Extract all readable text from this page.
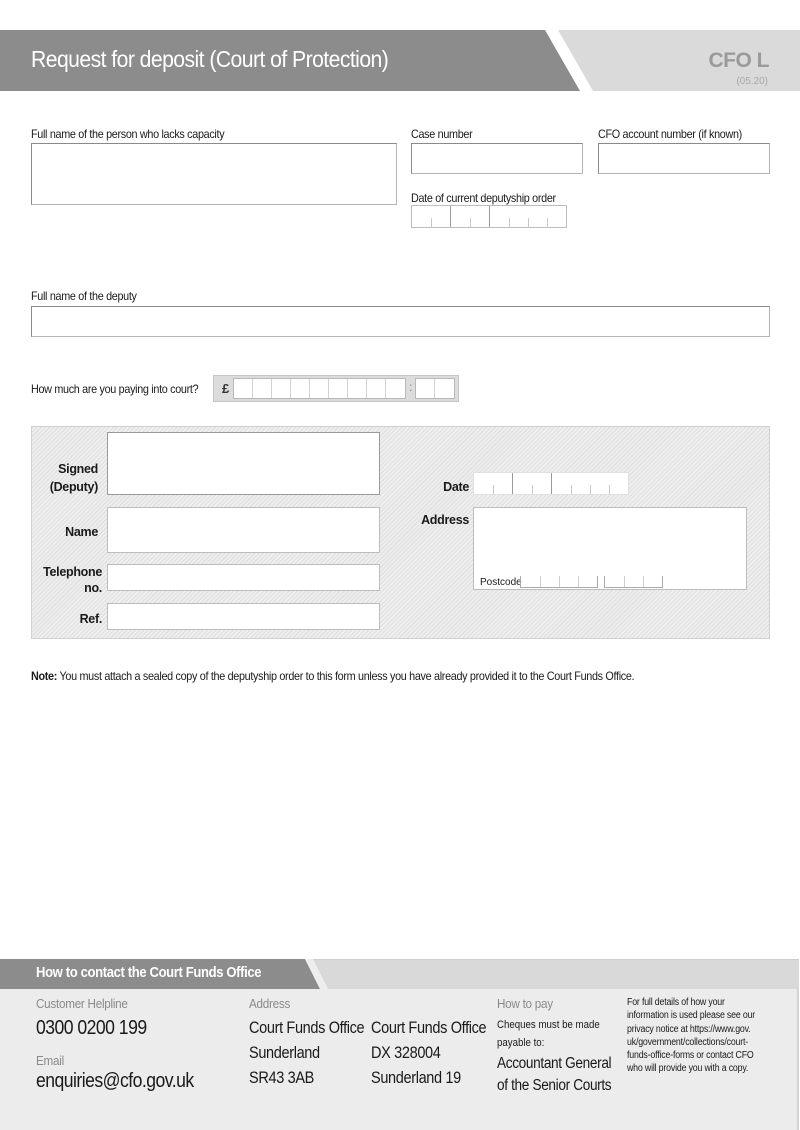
Request for deposit (Court of Protection)	CFO L
(05.20)
Full name of the person who lacks capacity	Case number	CFO account number (if known)
Date of current deputyship order
Full name of the deputy
How much are you paying into court? £	:
Signed
(Deputy)
Name
Telephone
no.
Ref.
Date
Address
Postcode
Note: You must attach a sealed copy of the deputyship order to this form unless you have already provided it to the Court Funds Office.
How to contact the Court Funds Office
Customer Helpline
0300 0200 199
Email
enquiries@cfo.gov.uk
Address
Court Funds Office
Sunderland
SR43 3AB
Court Funds Office
DX 328004
Sunderland 19
How to pay
Cheques must be made
payable to:
Accountant General
of the Senior Courts
For full details of how your
information is used please see our
privacy notice at https://www.gov.
uk/government/collections/court-
funds-office-forms or contact CFO
who will provide you with a copy.
